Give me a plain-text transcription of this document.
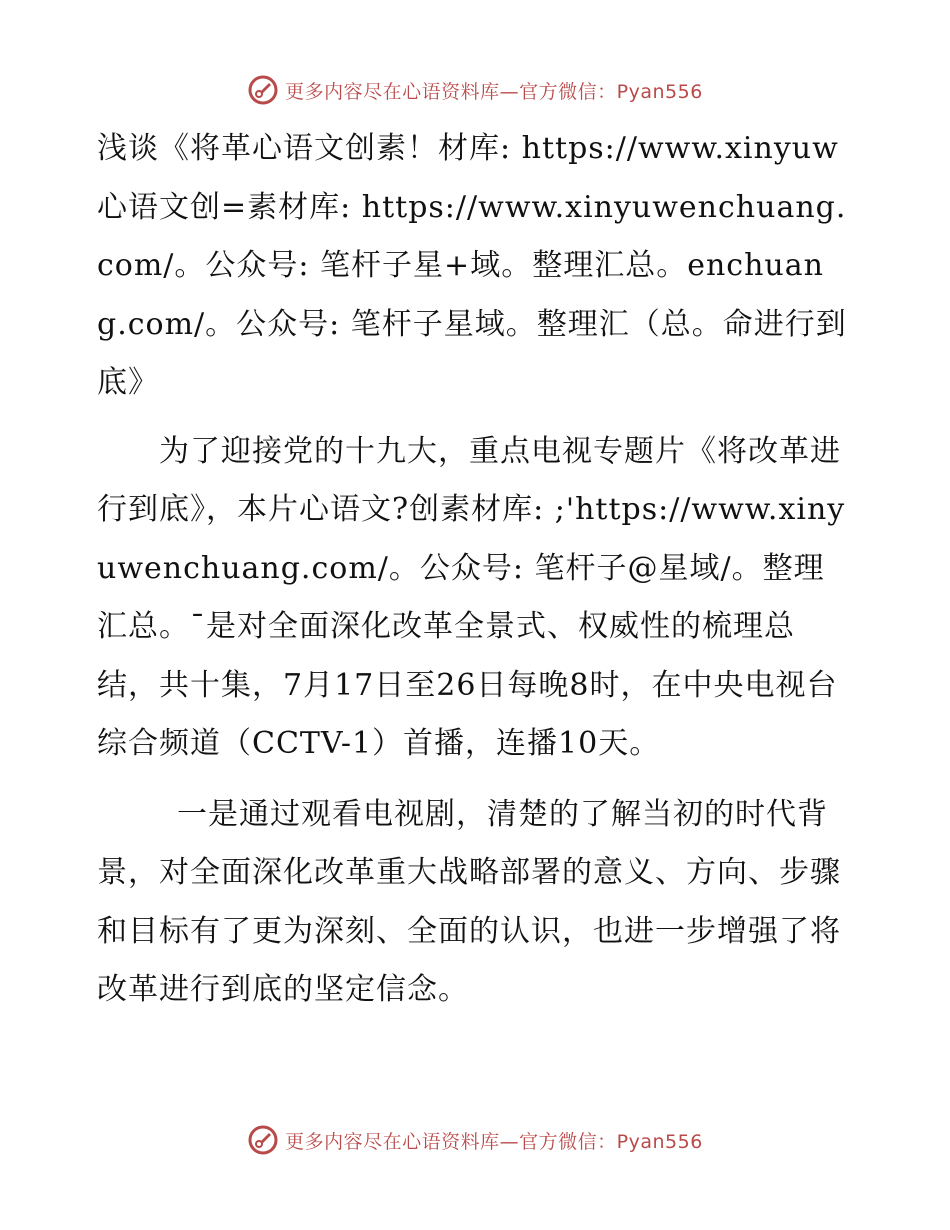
更多内容尽在心语资料库—官方微信：Pyan556

浅谈《将革心语文创素！材库: https://www.xinyuw心语文创=素材库: https://www.xinyuwenchuang.com/。公众号: 笔杆子星+域。整理汇总。enchuang.com/。公众号: 笔杆子星域。整理汇（总。命进行到底》

为了迎接党的十九大，重点电视专题片《将改革进行到底》，本片心语文?创素材库: ;'https://www.xinyuwenchuang.com/。公众号: 笔杆子@星域/。整理汇总。¯是对全面深化改革全景式、权威性的梳理总结，共十集，7月17日至26日每晚8时，在中央电视台综合频道（CCTV-1）首播，连播10天。

一是通过观看电视剧，清楚的了解当初的时代背景，对全面深化改革重大战略部署的意义、方向、步骤和目标有了更为深刻、全面的认识，也进一步增强了将改革进行到底的坚定信念。

更多内容尽在心语资料库—官方微信：Pyan556
